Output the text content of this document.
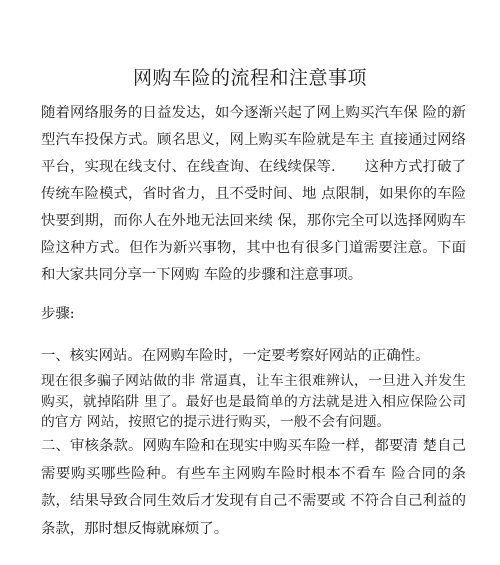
网购车险的流程和注意事项
随着网络服务的日益发达，如今逐渐兴起了网上购买汽车保 险的新型汽车投保方式。顾名思义，网上购买车险就是车主 直接通过网络平台，实现在线支付、在线查询、在线续保等.　　这种方式打破了传统车险模式，省时省力，且不受时间、地 点限制，如果你的车险快要到期，而你人在外地无法回来续 保，那你完全可以选择网购车险这种方式。但作为新兴事物，其中也有很多门道需要注意。下面和大家共同分享一下网购 车险的步骤和注意事项。
步骤:
一、核实网站。在网购车险时，一定要考察好网站的正确性。
现在很多骗子网站做的非 常逼真，让车主很难辨认，一旦进入并发生购买，就掉陷阱 里了。最好也是最简单的方法就是进入相应保险公司的官方 网站，按照它的提示进行购买，一般不会有问题。
二、审核条款。网购车险和在现实中购买车险一样，都要清 楚自己需要购买哪些险种。有些车主网购车险时根本不看车 险合同的条款，结果导致合同生效后才发现有自己不需要或 不符合自己利益的条款，那时想反悔就麻烦了。
